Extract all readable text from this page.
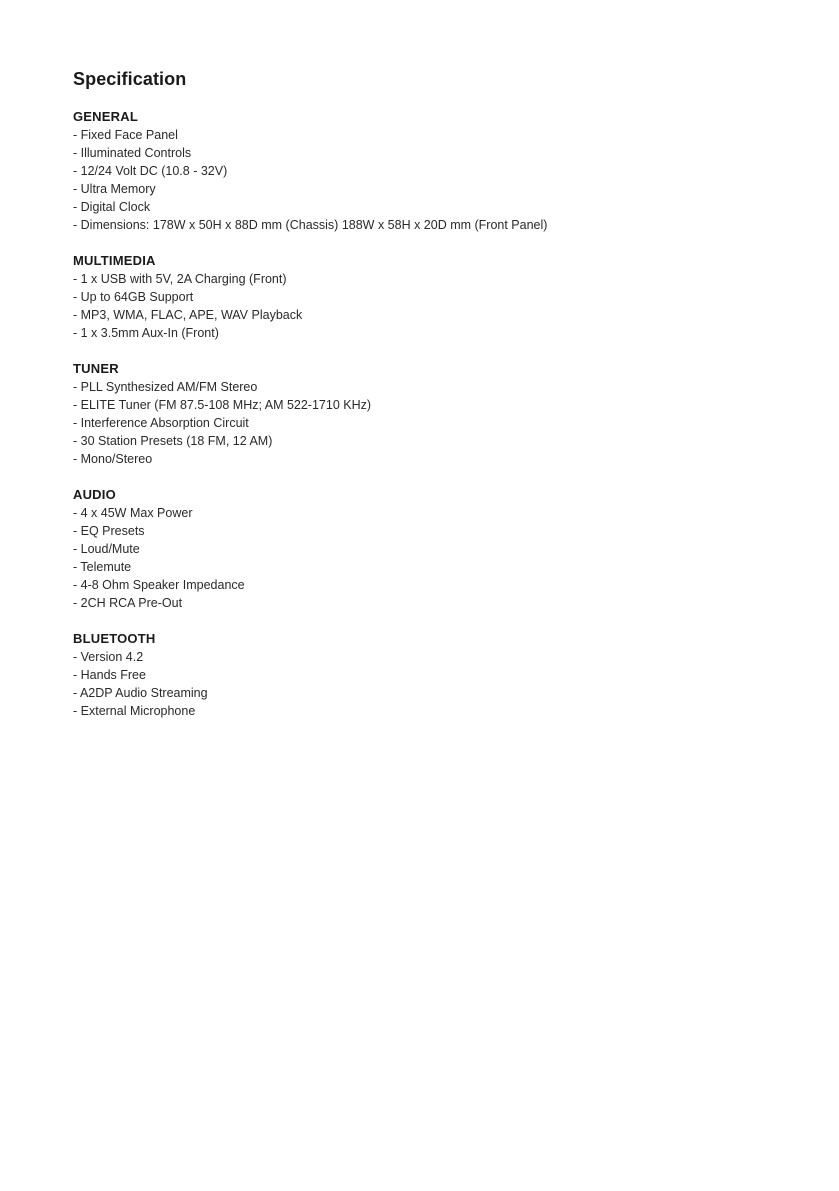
Specification
GENERAL
- Fixed Face Panel
- Illuminated Controls
- 12/24 Volt DC (10.8 - 32V)
- Ultra Memory
- Digital Clock
- Dimensions: 178W x 50H x 88D mm (Chassis) 188W x 58H x 20D mm (Front Panel)
MULTIMEDIA
- 1 x USB with 5V, 2A Charging (Front)
- Up to 64GB Support
- MP3, WMA, FLAC, APE, WAV Playback
- 1 x 3.5mm Aux-In (Front)
TUNER
- PLL Synthesized AM/FM Stereo
- ELITE Tuner (FM 87.5-108 MHz; AM 522-1710 KHz)
- Interference Absorption Circuit
- 30 Station Presets (18 FM, 12 AM)
- Mono/Stereo
AUDIO
- 4 x 45W Max Power
- EQ Presets
- Loud/Mute
- Telemute
- 4-8 Ohm Speaker Impedance
- 2CH RCA Pre-Out
BLUETOOTH
- Version 4.2
- Hands Free
- A2DP Audio Streaming
- External Microphone
